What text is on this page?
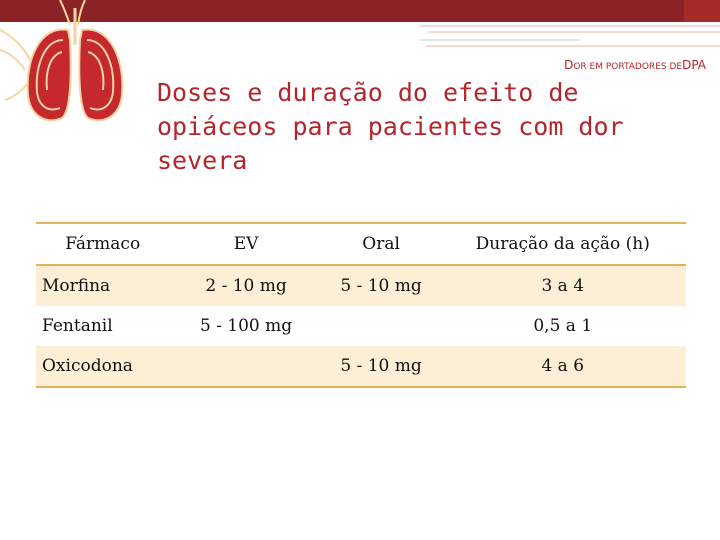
DOR EM PORTADORES DEDPA
Doses e duração do efeito de opiáceos para pacientes com dor severa
Fármaco	EV	Oral	Duração da ação (h)
Morfina	2 - 10 mg	5 - 10 mg	3 a 4
Fentanil	5 - 100 mg		0,5 a 1
Oxicodona		5 - 10 mg	4 a 6
